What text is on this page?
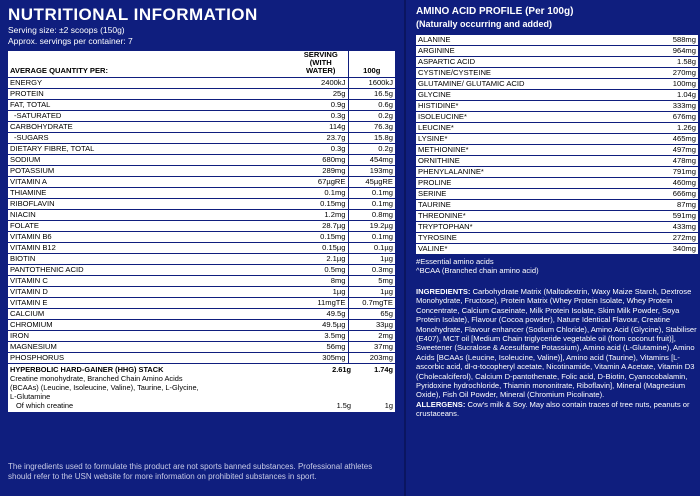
NUTRITIONAL INFORMATION
Serving size: ±2 scoops (150g)
Approx. servings per container: 7
AVERAGE QUANTITY PER:	SERVING
(WITH WATER)	100g
ENERGY	2400kJ	1600kJ
PROTEIN	25g	16.5g
FAT, TOTAL	0.9g	0.6g
-SATURATED	0.3g	0.2g
CARBOHYDRATE	114g	76.3g
-SUGARS	23.7g	15.8g
DIETARY FIBRE, TOTAL	0.3g	0.2g
SODIUM	680mg	454mg
POTASSIUM	289mg	193mg
VITAMIN A	67µgRE	45µgRE
THIAMINE	0.1mg	0.1mg
RIBOFLAVIN	0.15mg	0.1mg
NIACIN	1.2mg	0.8mg
FOLATE	28.7µg	19.2µg
VITAMIN B6	0.15mg	0.1mg
VITAMIN B12	0.15µg	0.1µg
BIOTIN	2.1µg	1µg
PANTOTHENIC ACID	0.5mg	0.3mg
VITAMIN C	8mg	5mg
VITAMIN D	1µg	1µg
VITAMIN E	11mgTE	0.7mgTE
CALCIUM	49.5g	65g
CHROMIUM	49.5µg	33µg
IRON	3.5mg	2mg
MAGNESIUM	56mg	37mg
PHOSPHORUS	305mg	203mg
HYPERBOLIC HARD-GAINER (HHG) STACK	2.61g	1.74g
Creatine monohydrate, Branched Chain Amino Acids
(BCAAs) (Leucine, Isoleucine, Valine), Taurine, L-Glycine,
L-Glutamine
Of which creatine	1.5g	1g
The ingredients used to formulate this product are not sports banned substances. Professional athletes should refer to the USN website for more information on prohibited substances in sport.
AMINO ACID PROFILE (Per 100g)
(Naturally occurring and added)
ALANINE	588mg
ARGININE	964mg
ASPARTIC ACID	1.58g
CYSTINE/CYSTEINE	270mg
GLUTAMINE/ GLUTAMIC ACID	100mg
GLYCINE	1.04g
HISTIDINE*	333mg
ISOLEUCINE*	676mg
LEUCINE*	1.26g
LYSINE*	465mg
METHIONINE*	497mg
ORNITHINE	478mg
PHENYLALANINE*	791mg
PROLINE	460mg
SERINE	666mg
TAURINE	87mg
THREONINE*	591mg
TRYPTOPHAN*	433mg
TYROSINE	272mg
VALINE*	340mg
#Essential amino acids
^BCAA (Branched chain amino acid)
INGREDIENTS: Carbohydrate Matrix (Maltodextrin, Waxy Maize Starch, Dextrose Monohydrate, Fructose), Protein Matrix (Whey Protein Isolate, Whey Protein Concentrate, Calcium Caseinate, Milk Protein Isolate, Skim Milk Powder, Soya Protein Isolate), Flavour (Cocoa powder), Nature Identical Flavour, Creatine Monohydrate, Flavour enhancer (Sodium Chloride), Amino Acid (Glycine), Stabiliser (E407), MCT oil [Medium Chain triglyceride vegetable oil (from coconut fruit)], Sweetener (Sucralose & Acesulfame Potassium), Amino acid (L-Glutamine), Amino Acids [BCAAs (Leucine, Isoleucine, Valine)], Amino acid (Taurine), Vitamins [L-ascorbic acid, dl-α-tocopheryl acetate, Nicotinamide, Vitamin A Acetate, Vitamin D3 (Cholecalciferol), Calcium D-pantothenate, Folic acid, D-Biotin, Cyanocobalamin, Pyridoxine hydrochloride, Thiamin mononitrate, Riboflavin], Mineral (Magnesium Oxide), Fish Oil Powder, Mineral (Chromium Picolinate).
ALLERGENS: Cow's milk & Soy. May also contain traces of tree nuts, peanuts or crustaceans.
